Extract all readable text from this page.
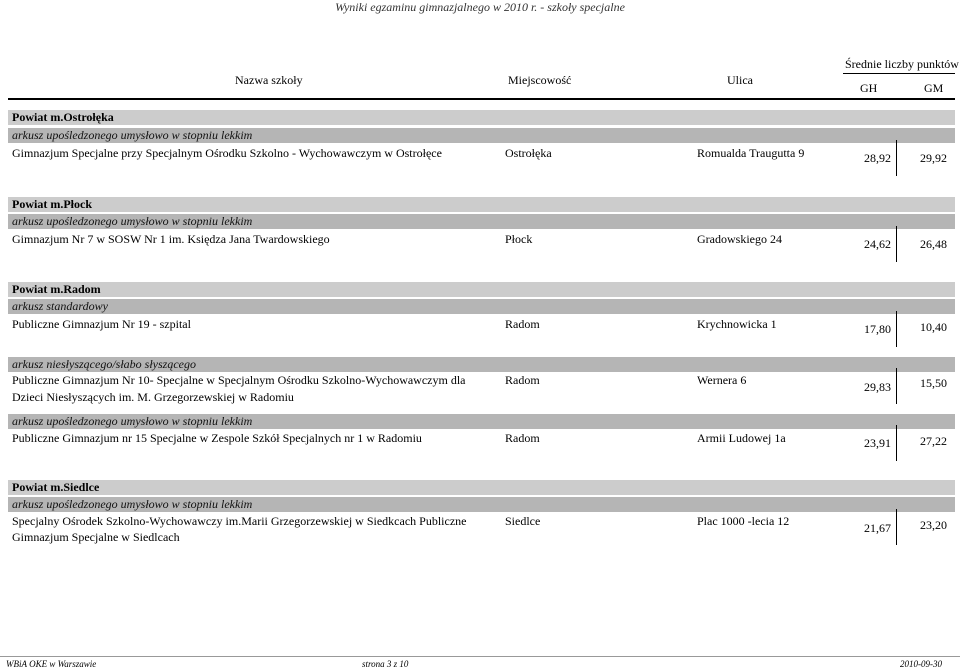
Wyniki egzaminu gimnazjalnego w 2010 r. - szkoły specjalne
Nazwa szkoły	Miejscowość	Ulica
Średnie liczby punktów
GH	GM
Powiat m.Ostrołęka
arkusz upośledzonego umysłowo w stopniu lekkim
Gimnazjum Specjalne przy Specjalnym Ośrodku Szkolno - Wychowawczym w Ostrołęce	Ostrołęka	Romualda Traugutta 9	28,92	29,92
Powiat m.Płock
arkusz upośledzonego umysłowo w stopniu lekkim
Gimnazjum Nr 7 w SOSW Nr 1 im. Księdza Jana Twardowskiego	Płock	Gradowskiego 24	24,62	26,48
Powiat m.Radom
arkusz standardowy
Publiczne Gimnazjum Nr 19 - szpital	Radom	Krychnowicka 1	17,80	10,40
arkusz niesłyszącego/słabo słyszącego
Publiczne Gimnazjum Nr 10- Specjalne w Specjalnym Ośrodku Szkolno-Wychowawczym dla
Dzieci Niesłyszących im. M. Grzegorzewskiej w Radomiu
Radom	Wernera 6	29,83	15,50
arkusz upośledzonego umysłowo w stopniu lekkim
Publiczne Gimnazjum nr 15 Specjalne w Zespole Szkół Specjalnych nr 1 w Radomiu	Radom	Armii Ludowej 1a	23,91	27,22
Powiat m.Siedlce
arkusz upośledzonego umysłowo w stopniu lekkim
Specjalny Ośrodek Szkolno-Wychowawczy im.Marii Grzegorzewskiej w Siedkcach Publiczne
Gimnazjum Specjalne w Siedlcach
Siedlce	Plac 1000 -lecia 12	21,67	23,20
WBiA OKE w Warszawie	strona 3 z 10	2010-09-30
